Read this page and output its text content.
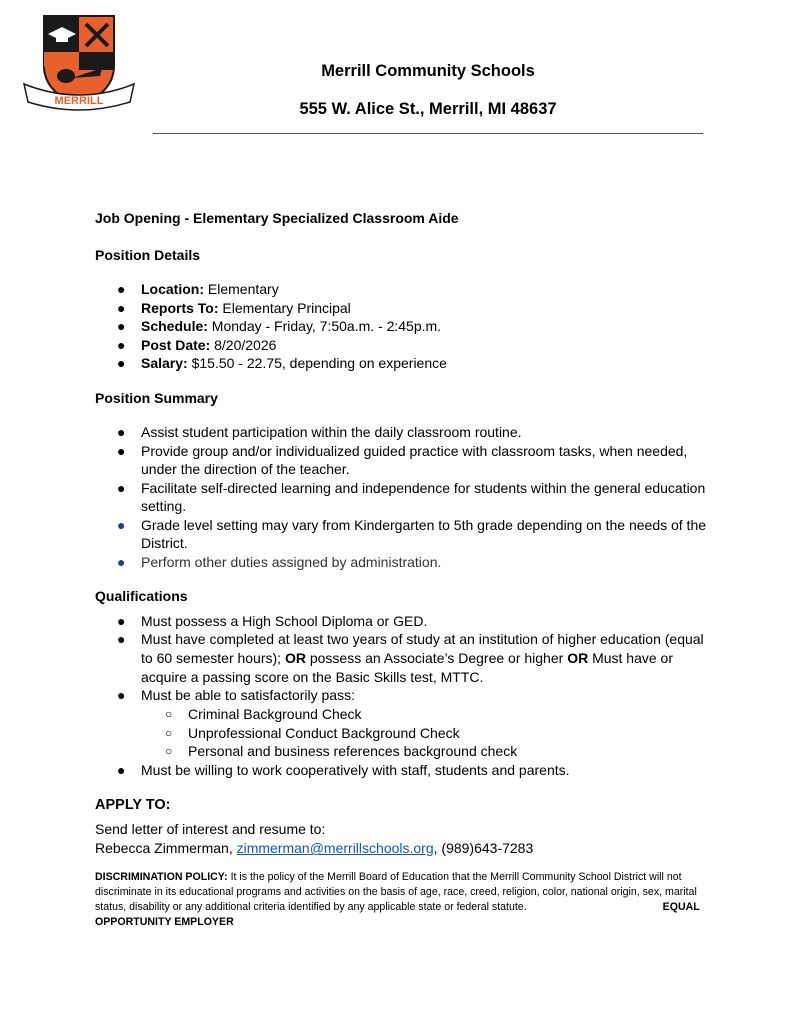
MERRILL
Merrill Community Schools
555 W. Alice St., Merrill, MI 48637
Job Opening - Elementary Specialized Classroom Aide
Position Details
● Location: Elementary
● Reports To: Elementary Principal
● Schedule: Monday - Friday, 7:50a.m. - 2:45p.m.
● Post Date: 8/20/2026
● Salary: $15.50 - 22.75, depending on experience
Position Summary
● Assist student participation within the daily classroom routine.
● Provide group and/or individualized guided practice with classroom tasks, when needed, under the direction of the teacher.
● Facilitate self-directed learning and independence for students within the general education setting.
● Grade level setting may vary from Kindergarten to 5th grade depending on the needs of the District.
● Perform other duties assigned by administration.
Qualifications
● Must possess a High School Diploma or GED.
● Must have completed at least two years of study at an institution of higher education (equal to 60 semester hours); OR possess an Associate’s Degree or higher OR Must have or acquire a passing score on the Basic Skills test, MTTC.
● Must be able to satisfactorily pass:
○ Criminal Background Check
○ Unprofessional Conduct Background Check
○ Personal and business references background check
● Must be willing to work cooperatively with staff, students and parents.
APPLY TO:
Send letter of interest and resume to:
Rebecca Zimmerman, zimmerman@merrillschools.org, (989)643-7283
DISCRIMINATION POLICY: It is the policy of the Merrill Board of Education that the Merrill Community School District will not discriminate in its educational programs and activities on the basis of age, race, creed, religion, color, national origin, sex, marital status, disability or any additional criteria identified by any applicable state or federal statute.	EQUAL OPPORTUNITY EMPLOYER
